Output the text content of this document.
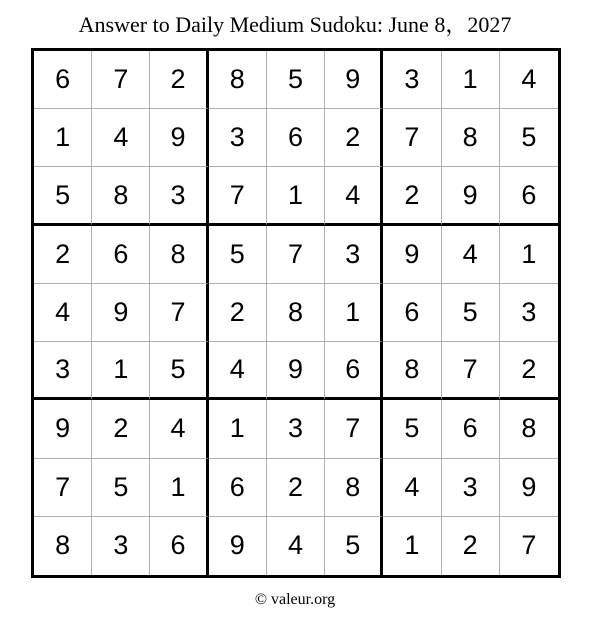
Answer to Daily Medium Sudoku: June 8，2027
6	7	2	8	5	9	3	1	4
1	4	9	3	6	2	7	8	5
5	8	3	7	1	4	2	9	6
2	6	8	5	7	3	9	4	1
4	9	7	2	8	1	6	5	3
3	1	5	4	9	6	8	7	2
9	2	4	1	3	7	5	6	8
7	5	1	6	2	8	4	3	9
8	3	6	9	4	5	1	2	7
© valeur.org
